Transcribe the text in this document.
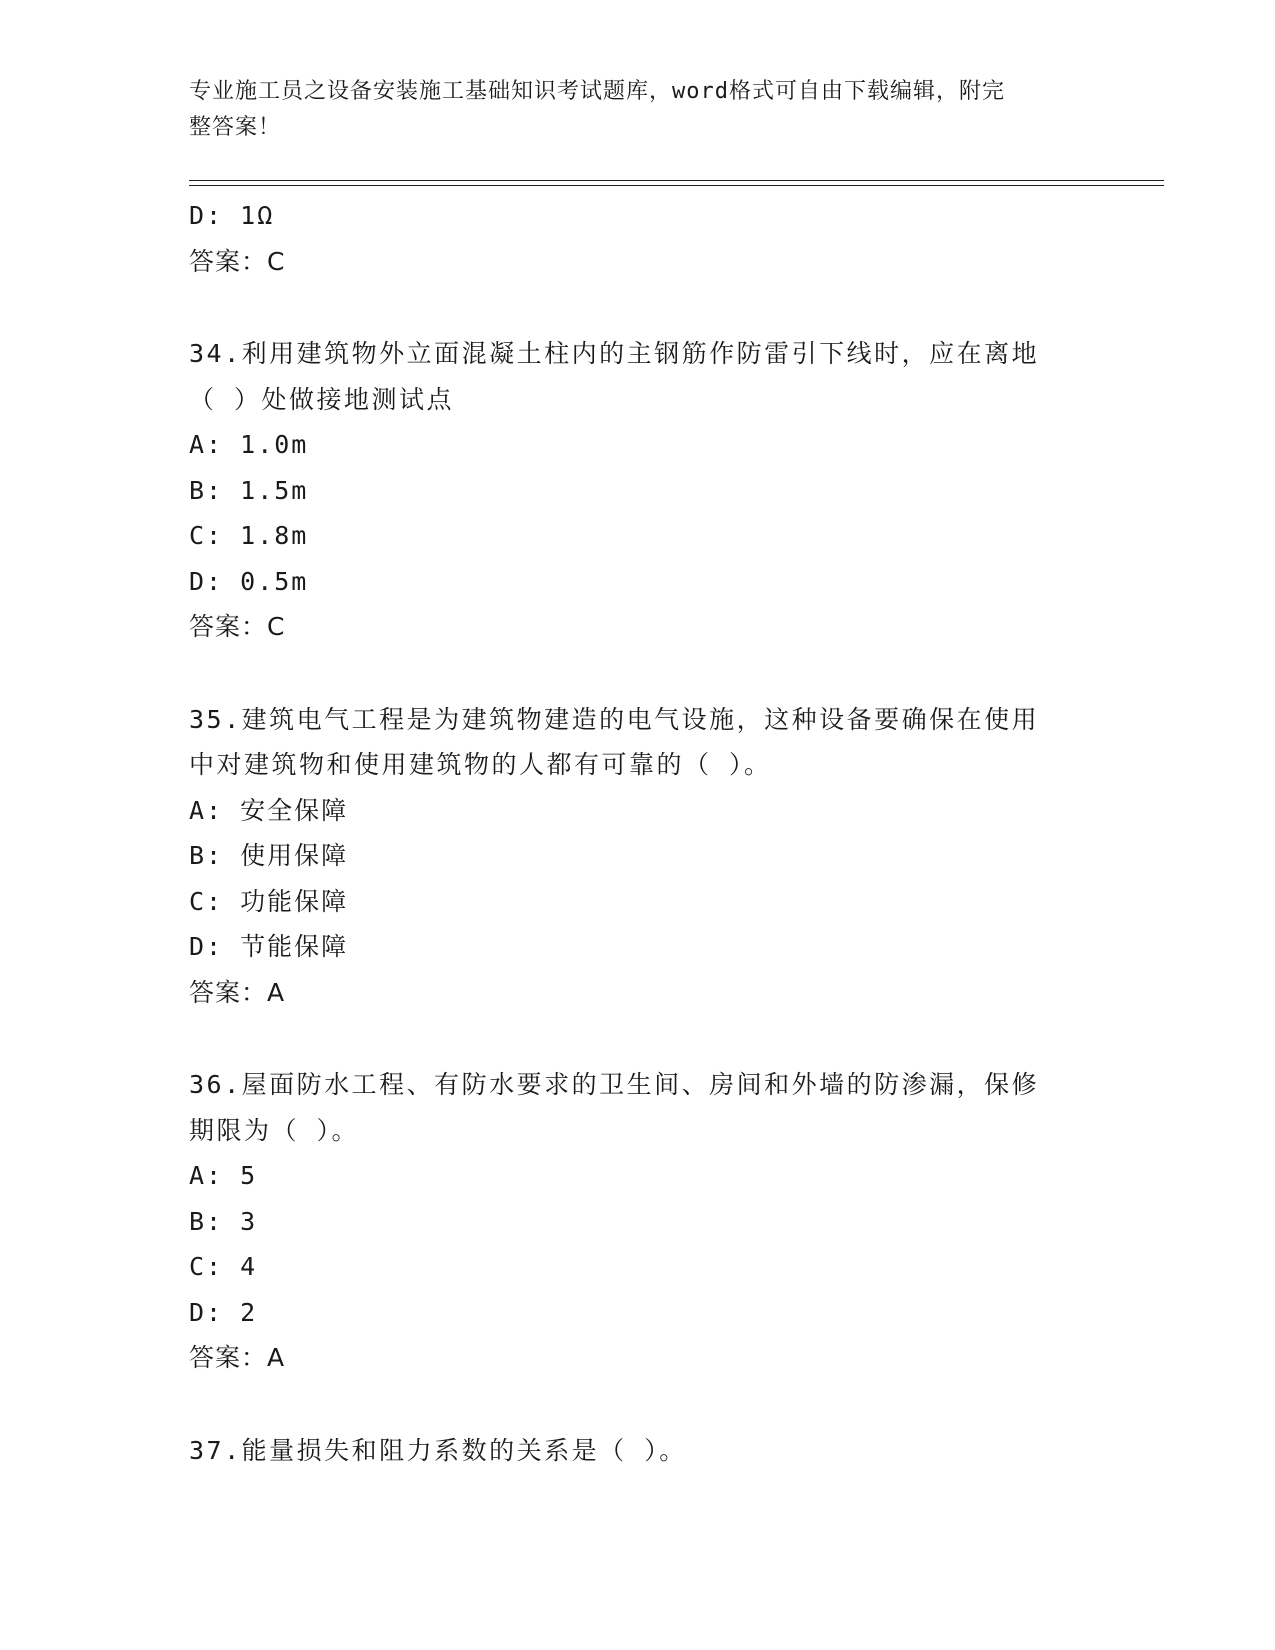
专业施工员之设备安装施工基础知识考试题库，word格式可自由下载编辑，附完
整答案！
D: 1Ω
答案：C
34.利用建筑物外立面混凝土柱内的主钢筋作防雷引下线时，应在离地
（ ）处做接地测试点
A: 1.0m
B: 1.5m
C: 1.8m
D: 0.5m
答案：C
35.建筑电气工程是为建筑物建造的电气设施，这种设备要确保在使用
中对建筑物和使用建筑物的人都有可靠的（ ）。
A: 安全保障
B: 使用保障
C: 功能保障
D: 节能保障
答案：A
36.屋面防水工程、有防水要求的卫生间、房间和外墙的防渗漏，保修
期限为（ ）。
A: 5
B: 3
C: 4
D: 2
答案：A
37.能量损失和阻力系数的关系是（ ）。
